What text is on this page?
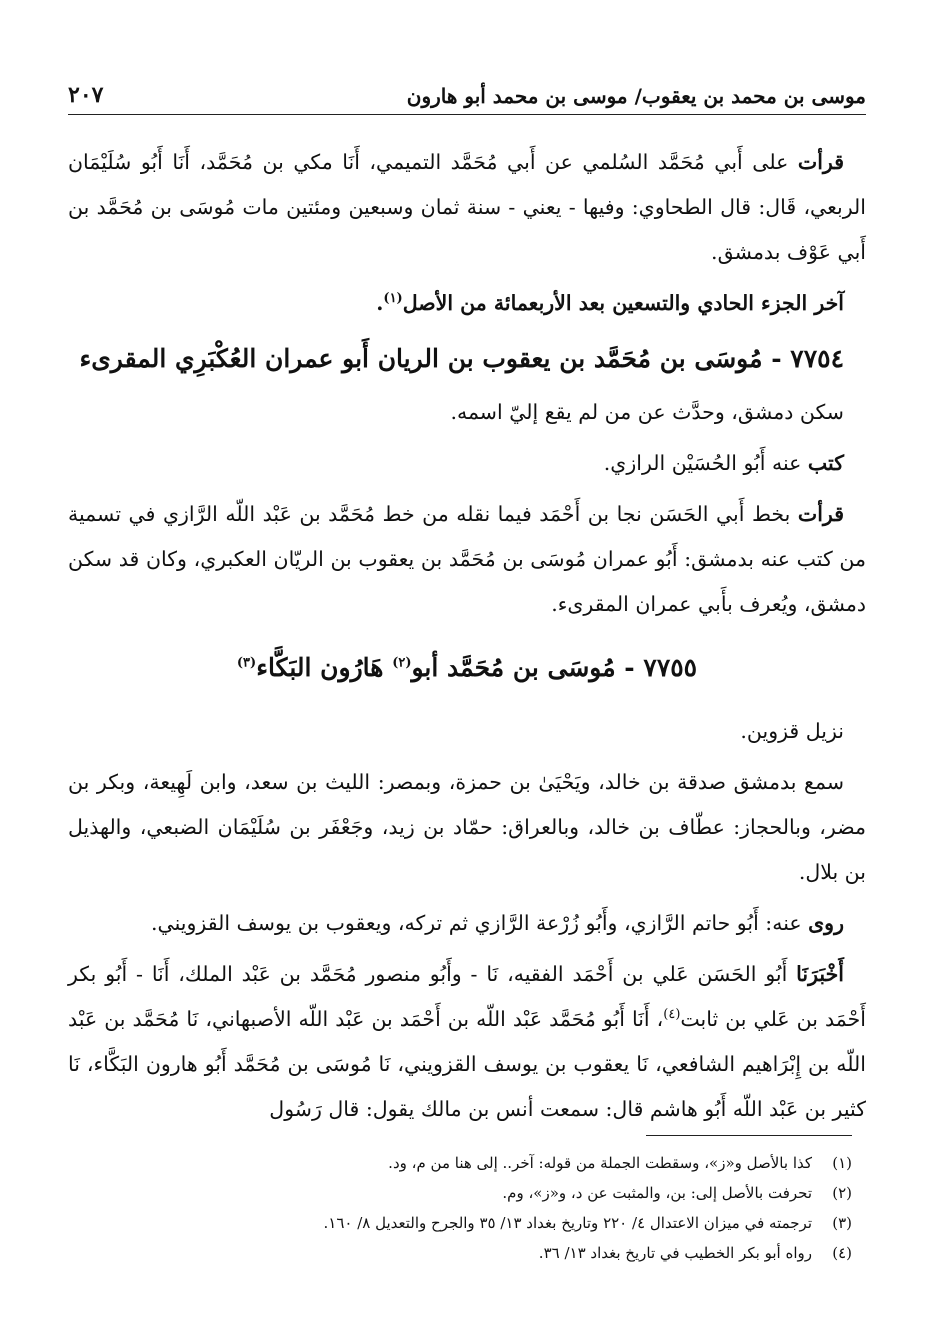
٢٠٧	موسى بن محمد بن يعقوب/ موسى بن محمد أبو هارون

قرأت على أَبي مُحَمَّد السُلمي عن أَبي مُحَمَّد التميمي، أَنَا مكي بن مُحَمَّد، أَنَا أَبُو سُلَيْمَان الربعي، قَال: قال الطحاوي: وفيها - يعني - سنة ثمان وسبعين ومئتين مات مُوسَى بن مُحَمَّد بن أَبي عَوْف بدمشق.

آخر الجزء الحادي والتسعين بعد الأربعمائة من الأصل$^{(١)}$.

٧٧٥٤ - مُوسَى بن مُحَمَّد بن يعقوب بن الريان أَبو عمران العُكْبَرِي المقرىء

سكن دمشق، وحدَّث عن من لم يقع إليّ اسمه.

كتب عنه أَبُو الحُسَيْن الرازي.

قرأت بخط أَبي الحَسَن نجا بن أَحْمَد فيما نقله من خط مُحَمَّد بن عَبْد اللّه الرَّازي في تسمية من كتب عنه بدمشق: أَبُو عمران مُوسَى بن مُحَمَّد بن يعقوب بن الريّان العكبري، وكان قد سكن دمشق، ويُعرف بأَبي عمران المقرىء.

٧٧٥٥ - مُوسَى بن مُحَمَّد أبو$^{(٢)}$ هَارُون البَكَّاء$^{(٣)}$

نزيل قزوين.

سمع بدمشق صدقة بن خالد، ويَحْيَىٰ بن حمزة، وبمصر: الليث بن سعد، وابن لَهِيعة، وبكر بن مضر، وبالحجاز: عطّاف بن خالد، وبالعراق: حمّاد بن زيد، وجَعْفَر بن سُلَيْمَان الضبعي، والهذيل بن بلال.

روى عنه: أَبُو حاتم الرَّازي، وأَبُو زُرْعة الرَّازي ثم تركه، ويعقوب بن يوسف القزويني.

أَخْبَرَنَا أَبُو الحَسَن عَلي بن أَحْمَد الفقيه، نَا - وأَبُو منصور مُحَمَّد بن عَبْد الملك، أَنَا - أَبُو بكر أَحْمَد بن عَلي بن ثابت$^{(٤)}$، أَنَا أَبُو مُحَمَّد عَبْد اللّه بن أَحْمَد بن عَبْد اللّه الأصبهاني، نَا مُحَمَّد بن عَبْد اللّه بن إِبْرَاهيم الشافعي، نَا يعقوب بن يوسف القزويني، نَا مُوسَى بن مُحَمَّد أَبُو هارون البَكَّاء، نَا كثير بن عَبْد اللّه أَبُو هاشم قال: سمعت أنس بن مالك يقول: قال رَسُول

(١)
كذا بالأصل و«ز»، وسقطت الجملة من قوله: آخر.. إلى هنا من م، ود.
(٢)
تحرفت بالأصل إلى: بن، والمثبت عن د، و«ز»، وم.
(٣)
ترجمته في ميزان الاعتدال ٤/ ٢٢٠ وتاريخ بغداد ١٣/ ٣٥ والجرح والتعديل ٨/ ١٦٠.
(٤)
رواه أبو بكر الخطيب في تاريخ بغداد ١٣/ ٣٦.
